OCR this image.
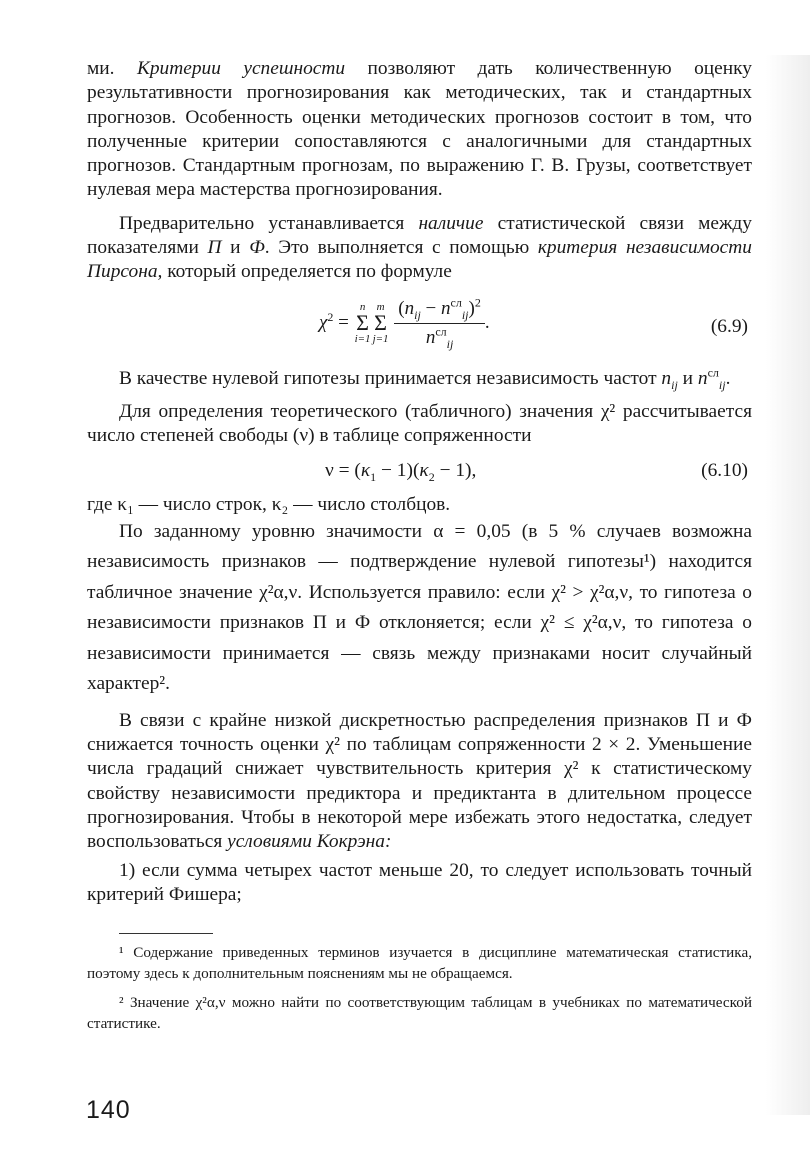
ми. Критерии успешности позволяют дать количественную оценку результативности прогнозирования как методических, так и стандартных прогнозов. Особенность оценки методических прогнозов состоит в том, что полученные критерии сопоставляются с аналогичными для стандартных прогнозов. Стандартным прогнозам, по выражению Г. В. Грузы, соответствует нулевая мера мастерства прогнозирования.

Предварительно устанавливается наличие статистической связи между показателями П и Ф. Это выполняется с помощью критерия независимости Пирсона, который определяется по формуле

$\chi^2$ =
n
Σ
i=1
m
Σ
j=1
$\frac{(n_{ij} - n^{сл}_{ij})^2}{n^{сл}_{ij}}$ .	(6.9)

В качестве нулевой гипотезы принимается независимость частот $n_{ij}$ и $n^{сл}_{ij}$.

Для определения теоретического (табличного) значения χ² рассчитывается число степеней свободы (ν) в таблице сопряженности

$\nu = (\kappa_1 - 1)(\kappa_2 - 1)$,	(6.10)

где κ₁ — число строк, κ₂ — число столбцов.

По заданному уровню значимости α = 0,05 (в 5 % случаев возможна независимость признаков — подтверждение нулевой гипотезы¹) находится табличное значение χ²α,ν. Используется правило: если χ² > χ²α,ν, то гипотеза о независимости признаков П и Ф отклоняется; если χ² ≤ χ²α,ν, то гипотеза о независимости принимается — связь между признаками носит случайный характер².

В связи с крайне низкой дискретностью распределения признаков П и Ф снижается точность оценки χ² по таблицам сопряженности 2 × 2. Уменьшение числа градаций снижает чувствительность критерия χ² к статистическому свойству независимости предиктора и предиктанта в длительном процессе прогнозирования. Чтобы в некоторой мере избежать этого недостатка, следует воспользоваться условиями Кокрэна:

1) если сумма четырех частот меньше 20, то следует использовать точный критерий Фишера;

¹ Содержание приведенных терминов изучается в дисциплине математическая статистика, поэтому здесь к дополнительным пояснениям мы не обращаемся.

² Значение χ²α,ν можно найти по соответствующим таблицам в учебниках по математической статистике.

140
